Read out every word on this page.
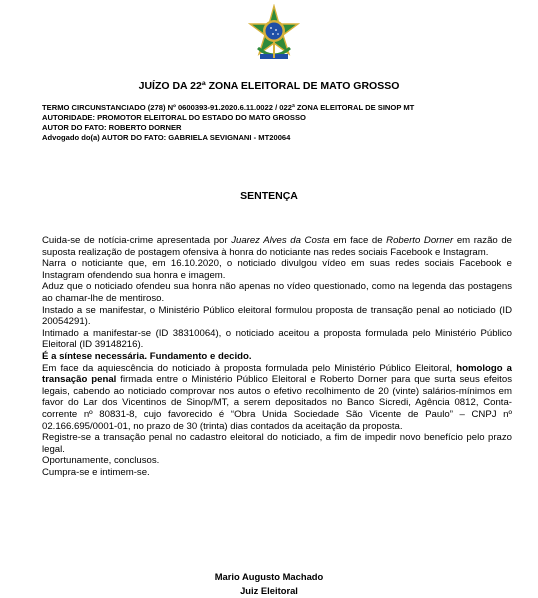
JUÍZO DA 22ª ZONA ELEITORAL DE MATO GROSSO
TERMO CIRCUNSTANCIADO (278) Nº 0600393-91.2020.6.11.0022 / 022ª ZONA ELEITORAL DE SINOP MT
AUTORIDADE: PROMOTOR ELEITORAL DO ESTADO DO MATO GROSSO
AUTOR DO FATO: ROBERTO DORNER
Advogado do(a) AUTOR DO FATO: GABRIELA SEVIGNANI - MT20064
SENTENÇA

Cuida-se de notícia-crime apresentada por Juarez Alves da Costa em face de Roberto Dorner em razão de suposta realização de postagem ofensiva à honra do noticiante nas redes sociais Facebook e Instagram.

Narra o noticiante que, em 16.10.2020, o noticiado divulgou vídeo em suas redes sociais Facebook e Instagram ofendendo sua honra e imagem.

Aduz que o noticiado ofendeu sua honra não apenas no vídeo questionado, como na legenda das postagens ao chamar-lhe de mentiroso.

Instado a se manifestar, o Ministério Público eleitoral formulou proposta de transação penal ao noticiado (ID 20054291).

Intimado a manifestar-se (ID 38310064), o noticiado aceitou a proposta formulada pelo Ministério Público Eleitoral (ID 39148216).

É a síntese necessária. Fundamento e decido.

Em face da aquiescência do noticiado à proposta formulada pelo Ministério Público Eleitoral, homologo a transação penal firmada entre o Ministério Público Eleitoral e Roberto Dorner para que surta seus efeitos legais, cabendo ao noticiado comprovar nos autos o efetivo recolhimento de 20 (vinte) salários-mínimos em favor do Lar dos Vicentinos de Sinop/MT, a serem depositados no Banco Sicredi, Agência 0812, Conta-corrente nº 80831-8, cujo favorecido é “Obra Unida Sociedade São Vicente de Paulo” – CNPJ nº 02.166.695/0001-01, no prazo de 30 (trinta) dias contados da aceitação da proposta.

Registre-se a transação penal no cadastro eleitoral do noticiado, a fim de impedir novo benefício pelo prazo legal.

Oportunamente, conclusos.

Cumpra-se e intimem-se.

Mario Augusto Machado
Juiz Eleitoral
